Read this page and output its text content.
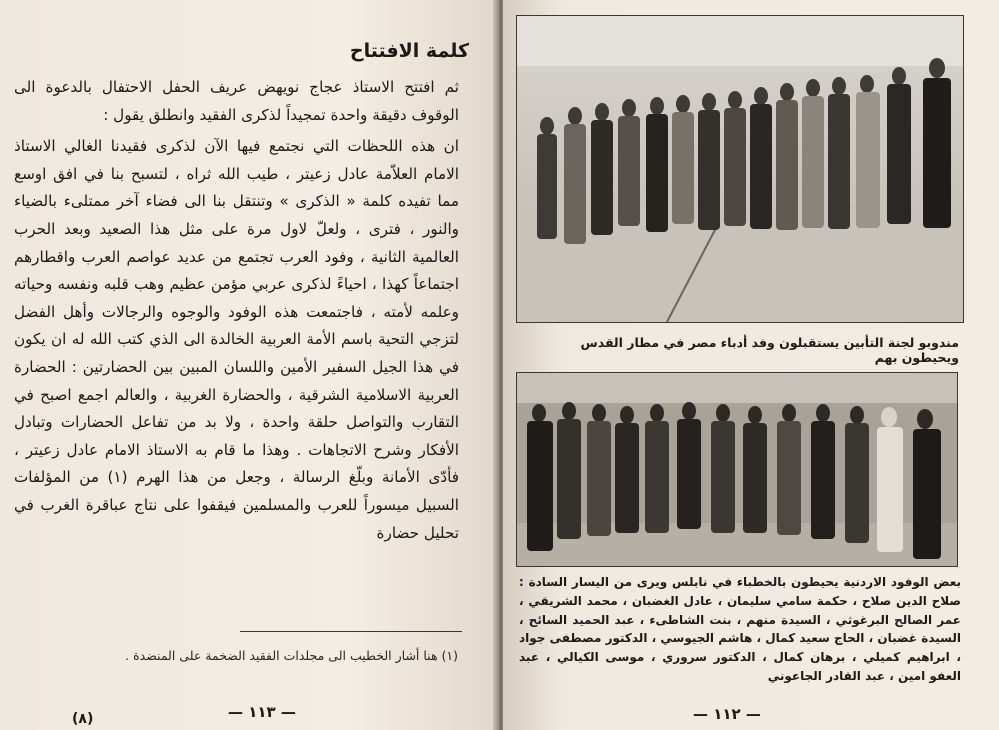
كلمة الافتتاح

ثم افتتح الاستاذ عجاج نويهض عريف الحفل الاحتفال بالدعوة الى الوقوف دقيقة واحدة تمجيداً لذكرى الفقيد وانطلق يقول :

ان هذه اللحظات التي نجتمع فيها الآن لذكرى فقيدنا الغالي الاستاذ الامام العلاّمة عادل زعيتر ، طيب الله ثراه ، لتسبح بنا في افق اوسع مما تفيده كلمة « الذكرى » وتنتقل بنا الى فضاء آخر ممتلىء بالضياء والنور ، فترى ، ولعلّ لاول مرة على مثل هذا الصعيد وبعد الحرب العالمية الثانية ، وفود العرب تجتمع من عديد عواصم العرب واقطارهم اجتماعاً كهذا ، احياءً لذكرى عربي مؤمن عظيم وهب قلبه ونفسه وحياته وعلمه لأمته ، فاجتمعت هذه الوفود والوجوه والرجالات وأهل الفضل لتزجي التحية باسم الأمة العربية الخالدة الى الذي كتب الله له ان يكون في هذا الجيل السفير الأمين واللسان المبين بين الحضارتين : الحضارة العربية الاسلامية الشرقية ، والحضارة الغربية ، والعالم اجمع اصبح في التقارب والتواصل حلقة واحدة ، ولا بد من تفاعل الحضارات وتبادل الأفكار وشرح الاتجاهات . وهذا ما قام به الاستاذ الامام عادل زعيتر ، فأدّى الأمانة وبلّغ الرسالة ، وجعل من هذا الهرم (١) من المؤلفات السبيل ميسوراً للعرب والمسلمين فيقفوا على نتاج عباقرة الغرب في تحليل حضارة

(١) هنا أشار الخطيب الى مجلدات الفقيد الضخمة على المنضدة .
— ١١٣ —
(٨)
مندوبو لجنة التأبين يستقبلون وفد أدباء مصر في مطار القدس ويحيطون بهم
بعض الوفود الاردنية يحيطون بالخطباء في نابلس ويرى من اليسار السادة : صلاح الدين صلاح ، حكمة سامي سليمان ، عادل الغضبان ، محمد الشريقي ، عمر الصالح البرغوثي ، السيدة منهم ، بنت الشاطىء ، عبد الحميد السائح ، السيدة غضبان ، الحاج سعيد كمال ، هاشم الجيوسي ، الدكتور مصطفى جواد ، ابراهيم كميلي ، برهان كمال ، الدكتور سروري ، موسى الكيالي ، عبد العفو امين ، عبد القادر الجاعوني
— ١١٢ —
